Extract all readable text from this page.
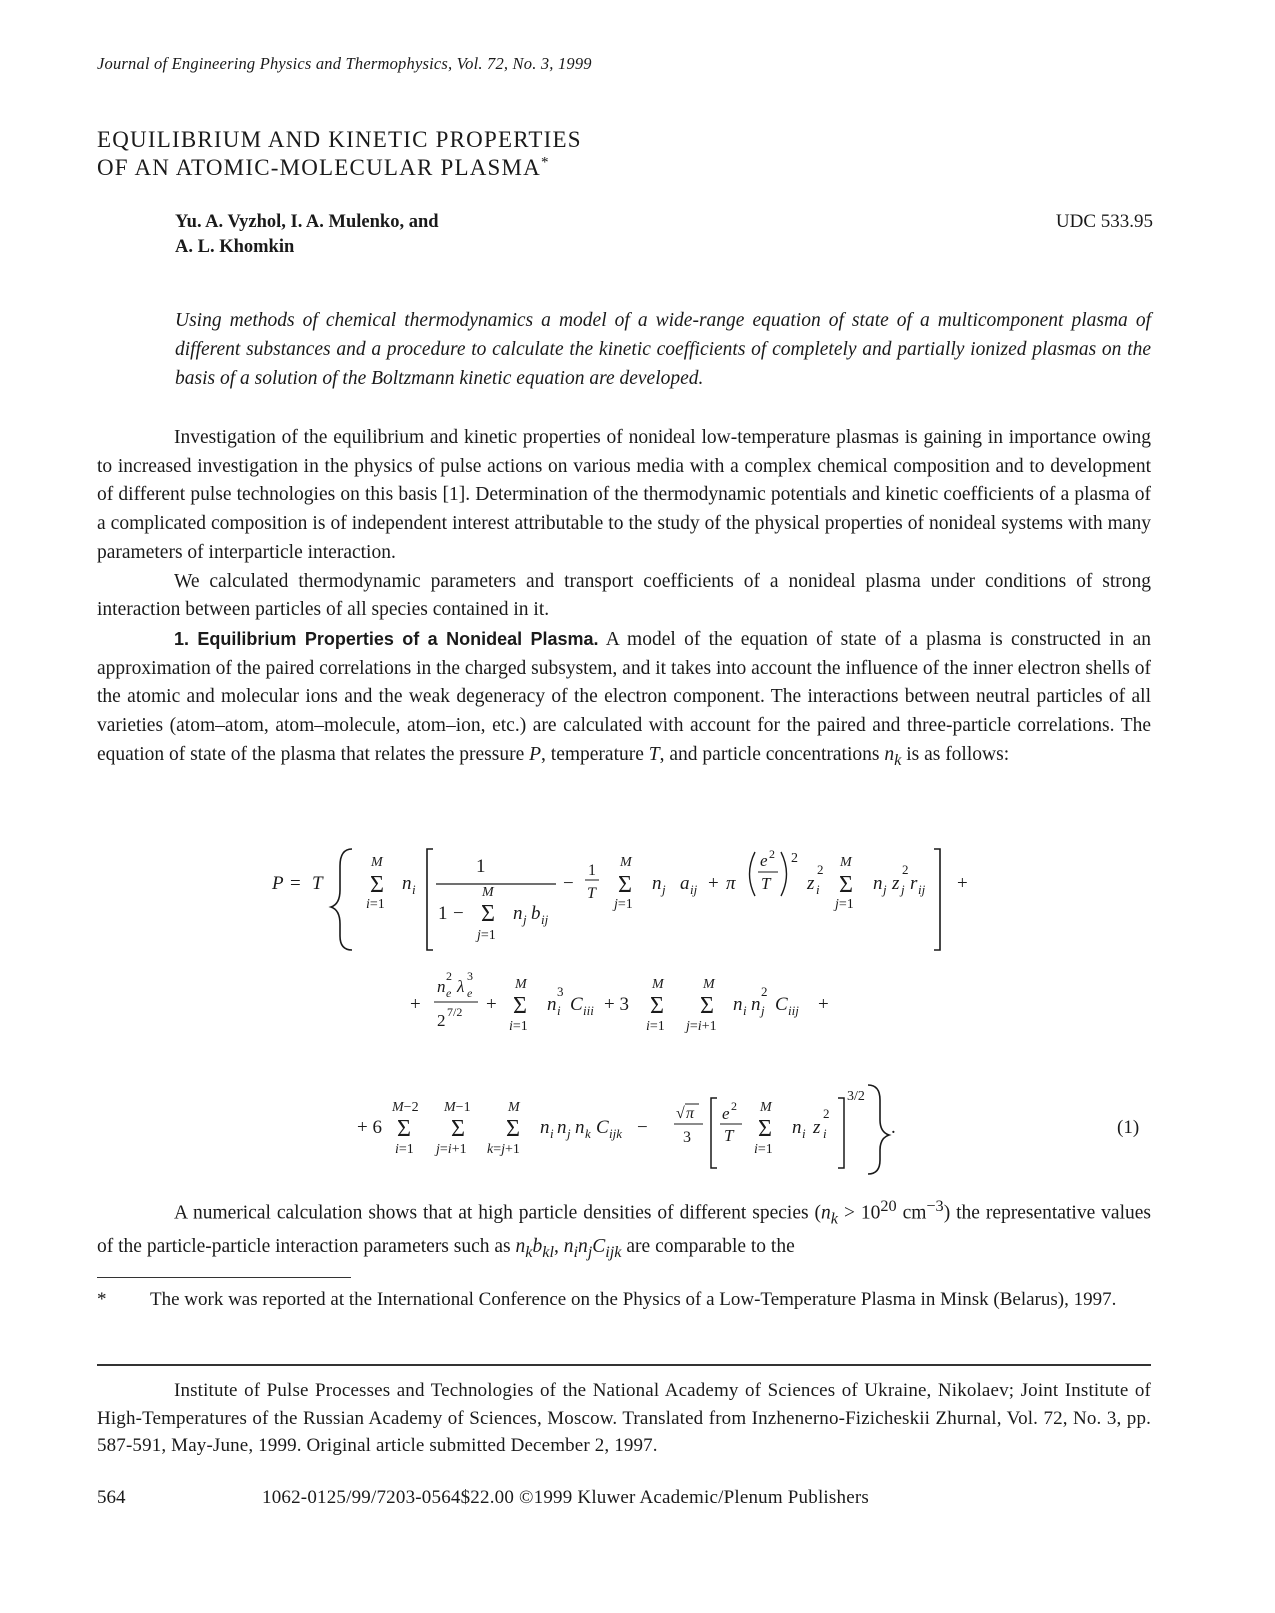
Journal of Engineering Physics and Thermophysics, Vol. 72, No. 3, 1999
EQUILIBRIUM AND KINETIC PROPERTIES
OF AN ATOMIC-MOLECULAR PLASMA*
Yu. A. Vyzhol, I. A. Mulenko, and
A. L. Khomkin
UDC 533.95

Using methods of chemical thermodynamics a model of a wide-range equation of state of a multicomponent plasma of different substances and a procedure to calculate the kinetic coefficients of completely and partially ionized plasmas on the basis of a solution of the Boltzmann kinetic equation are developed.

Investigation of the equilibrium and kinetic properties of nonideal low-temperature plasmas is gaining in importance owing to increased investigation in the physics of pulse actions on various media with a complex chemical composition and to development of different pulse technologies on this basis [1]. Determination of the thermodynamic potentials and kinetic coefficients of a plasma of a complicated composition is of independent interest attributable to the study of the physical properties of nonideal systems with many parameters of interparticle interaction.

We calculated thermodynamic parameters and transport coefficients of a nonideal plasma under conditions of strong interaction between particles of all species contained in it.

1. Equilibrium Properties of a Nonideal Plasma. A model of the equation of state of a plasma is constructed in an approximation of the paired correlations in the charged subsystem, and it takes into account the influence of the inner electron shells of the atomic and molecular ions and the weak degeneracy of the electron component. The interactions between neutral particles of all varieties (atom–atom, atom–molecule, atom–ion, etc.) are calculated with account for the paired and three-particle correlations. The equation of state of the plasma that relates the pressure P, temperature T, and particle concentrations $n_k$ is as follows:

P = T
M
Σ
i=1
n i
1
1 −
M
Σ
j=1
n j b ij
−
1
T
M
Σ
j=1
n j a ij + π
e 2
T
2
z
2
i
M
Σ
j=1
n j z
2
j r ij +
+
n
2
e λ
3
e
2 7/2 +
M
Σ
i=1
n
3
i C iii + 3
M
Σ
i=1
M
Σ
j=i+1
n i n
2
j C iij +
+ 6
M−2
Σ
i=1
M−1
Σ
j=i+1
M
Σ
k=j+1
n i n j n k C ijk −
√ π
3
e 2
T
M
Σ
i=1
n i z
2
i
3/2
.	(1)

A numerical calculation shows that at high particle densities of different species ($n_k > 10^{20}$ $cm^{-3}$) the representative values of the particle-particle interaction parameters such as $n_kb_{kl}$, $n_in_jC_{ijk}$ are comparable to the

* The work was reported at the International Conference on the Physics of a Low-Temperature Plasma in Minsk (Belarus), 1997.

Institute of Pulse Processes and Technologies of the National Academy of Sciences of Ukraine, Nikolaev; Joint Institute of High-Temperatures of the Russian Academy of Sciences, Moscow. Translated from Inzhenerno-Fizicheskii Zhurnal, Vol. 72, No. 3, pp. 587-591, May-June, 1999. Original article submitted December 2, 1997.

564	1062-0125/99/7203-0564$22.00 ©1999 Kluwer Academic/Plenum Publishers
